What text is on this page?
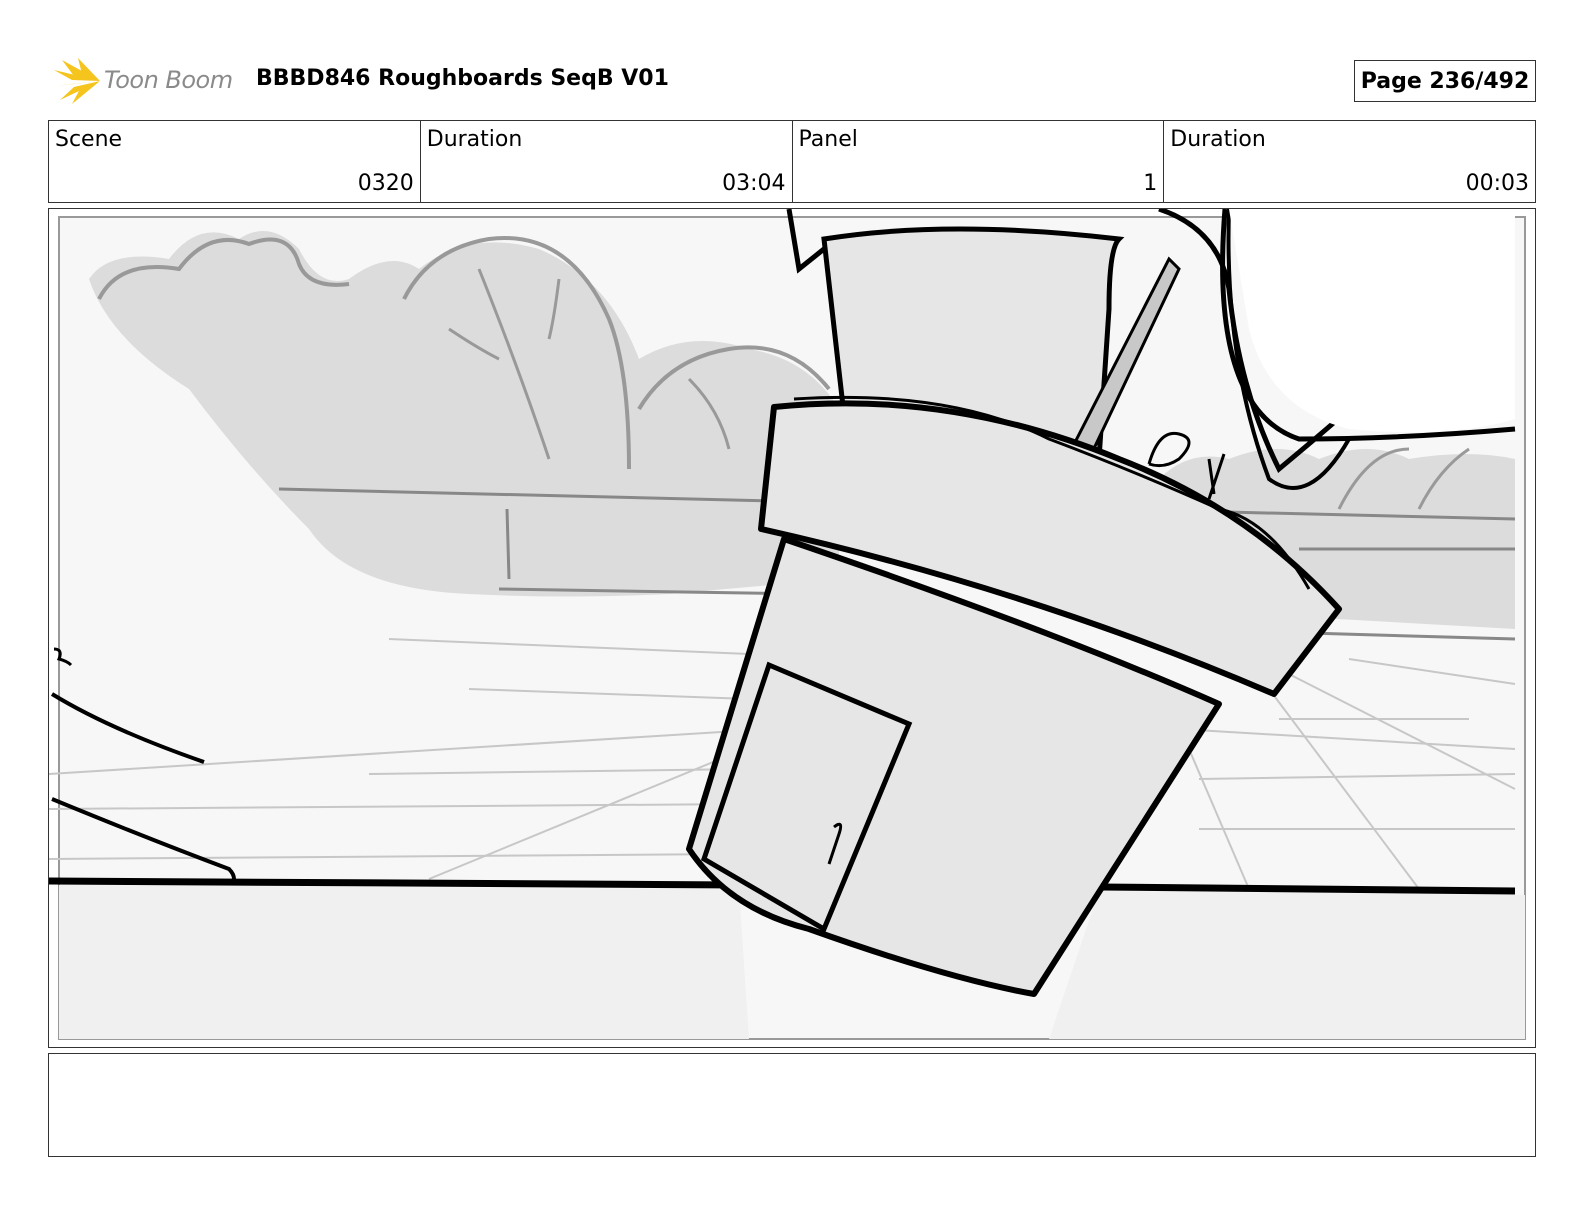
Toon Boom BBBD846 Roughboards SeqB V01	Page 236/492
Scene
0320
Duration
03:04
Panel
1
Duration
00:03
